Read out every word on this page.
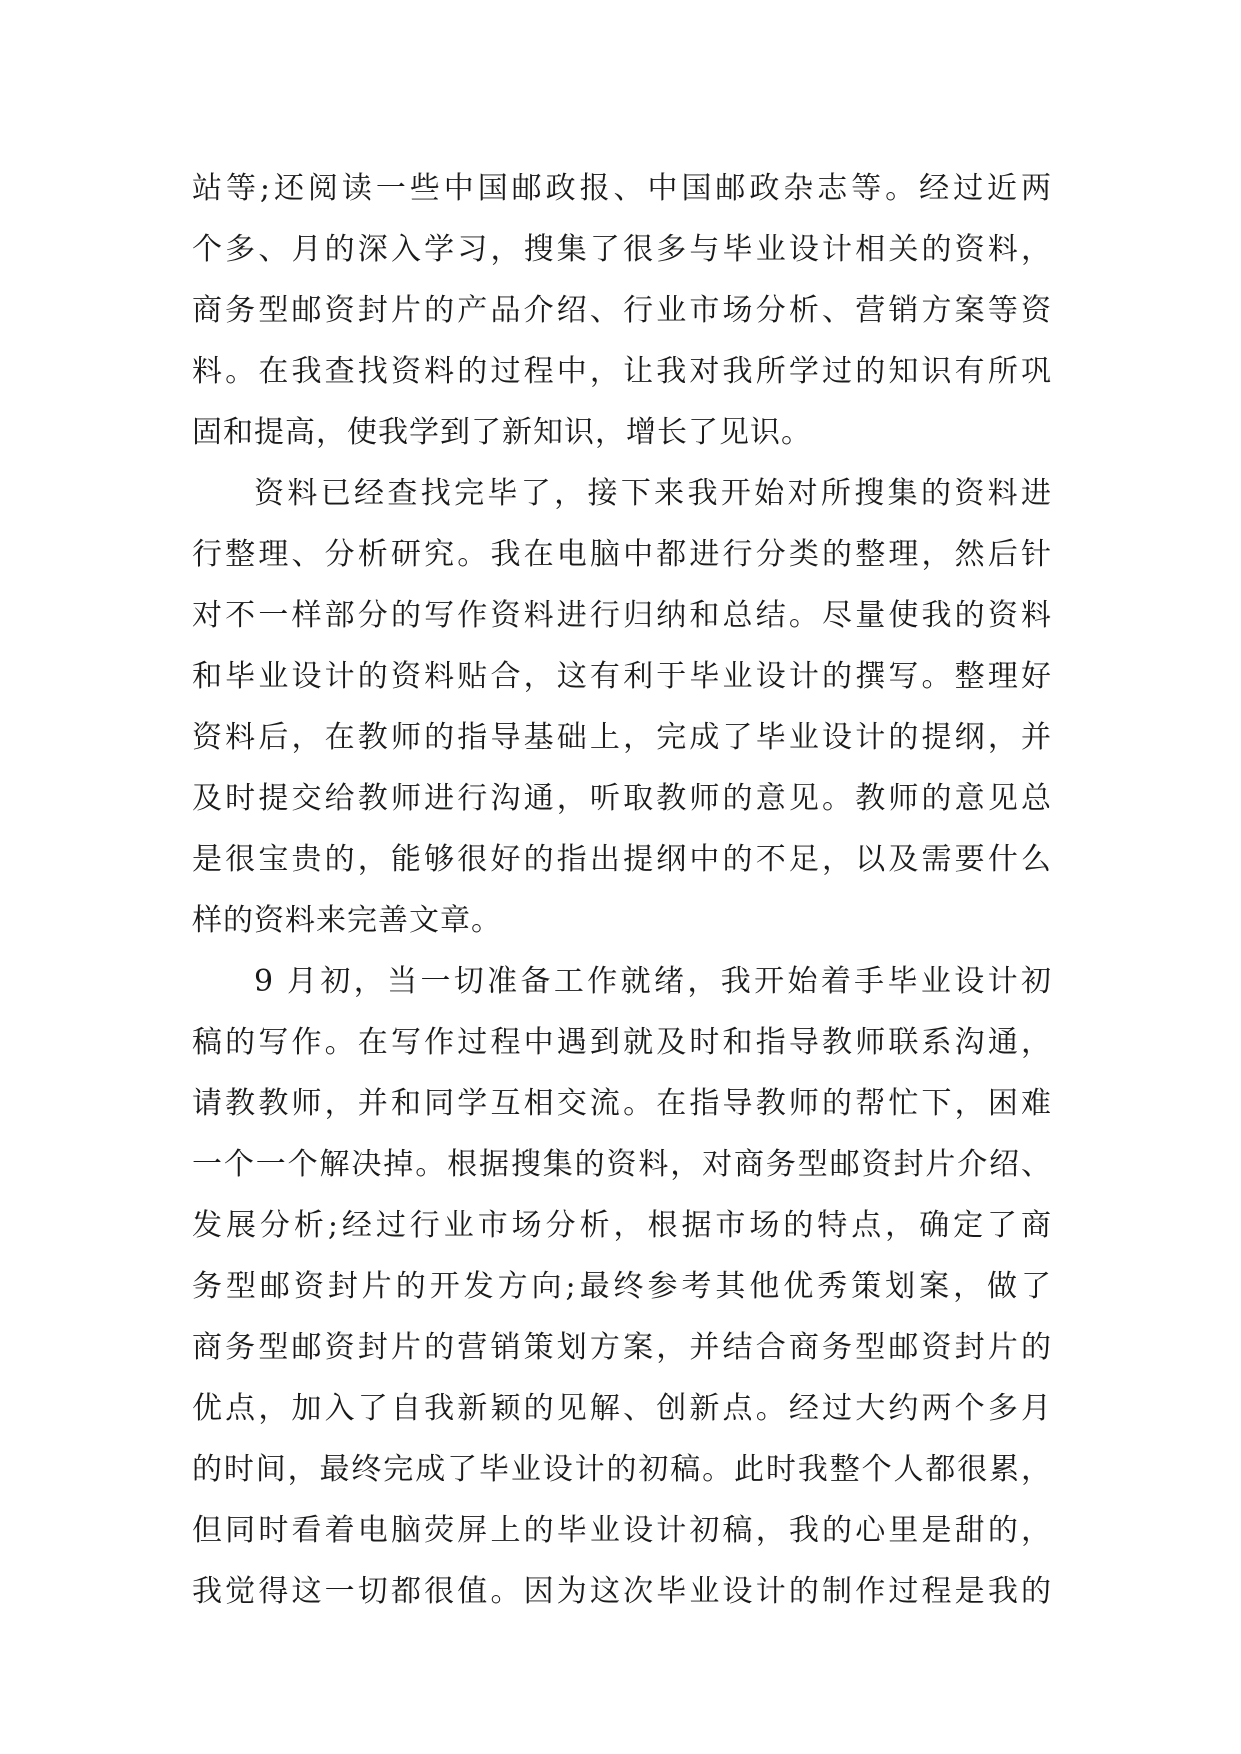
站等;还阅读一些中国邮政报、中国邮政杂志等。经过近两
个多、月的深入学习，搜集了很多与毕业设计相关的资料，
商务型邮资封片的产品介绍、行业市场分析、营销方案等资
料。在我查找资料的过程中，让我对我所学过的知识有所巩
固和提高，使我学到了新知识，增长了见识。
资料已经查找完毕了，接下来我开始对所搜集的资料进
行整理、分析研究。我在电脑中都进行分类的整理，然后针
对不一样部分的写作资料进行归纳和总结。尽量使我的资料
和毕业设计的资料贴合，这有利于毕业设计的撰写。整理好
资料后，在教师的指导基础上，完成了毕业设计的提纲，并
及时提交给教师进行沟通，听取教师的意见。教师的意见总
是很宝贵的，能够很好的指出提纲中的不足，以及需要什么
样的资料来完善文章。
9 月初，当一切准备工作就绪，我开始着手毕业设计初
稿的写作。在写作过程中遇到就及时和指导教师联系沟通，
请教教师，并和同学互相交流。在指导教师的帮忙下，困难
一个一个解决掉。根据搜集的资料，对商务型邮资封片介绍、
发展分析;经过行业市场分析，根据市场的特点，确定了商
务型邮资封片的开发方向;最终参考其他优秀策划案，做了
商务型邮资封片的营销策划方案，并结合商务型邮资封片的
优点，加入了自我新颖的见解、创新点。经过大约两个多月
的时间，最终完成了毕业设计的初稿。此时我整个人都很累，
但同时看着电脑荧屏上的毕业设计初稿，我的心里是甜的，
我觉得这一切都很值。因为这次毕业设计的制作过程是我的
